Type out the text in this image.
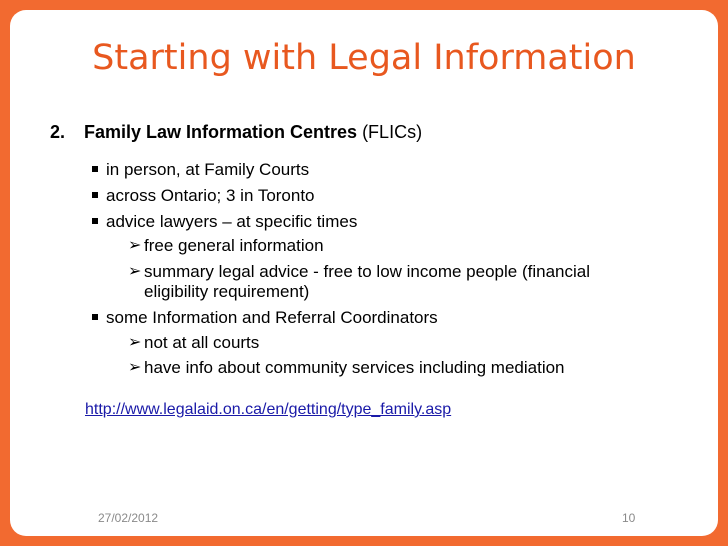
Starting with Legal Information
2. Family Law Information Centres (FLICs)
in person, at Family Courts
across Ontario; 3 in Toronto
advice lawyers – at specific times
➢ free general information
➢ summary legal advice - free to low income people (financial
eligibility requirement)
some Information and Referral Coordinators
➢ not at all courts
➢ have info about community services including mediation
http://www.legalaid.on.ca/en/getting/type_family.asp
27/02/2012	10
